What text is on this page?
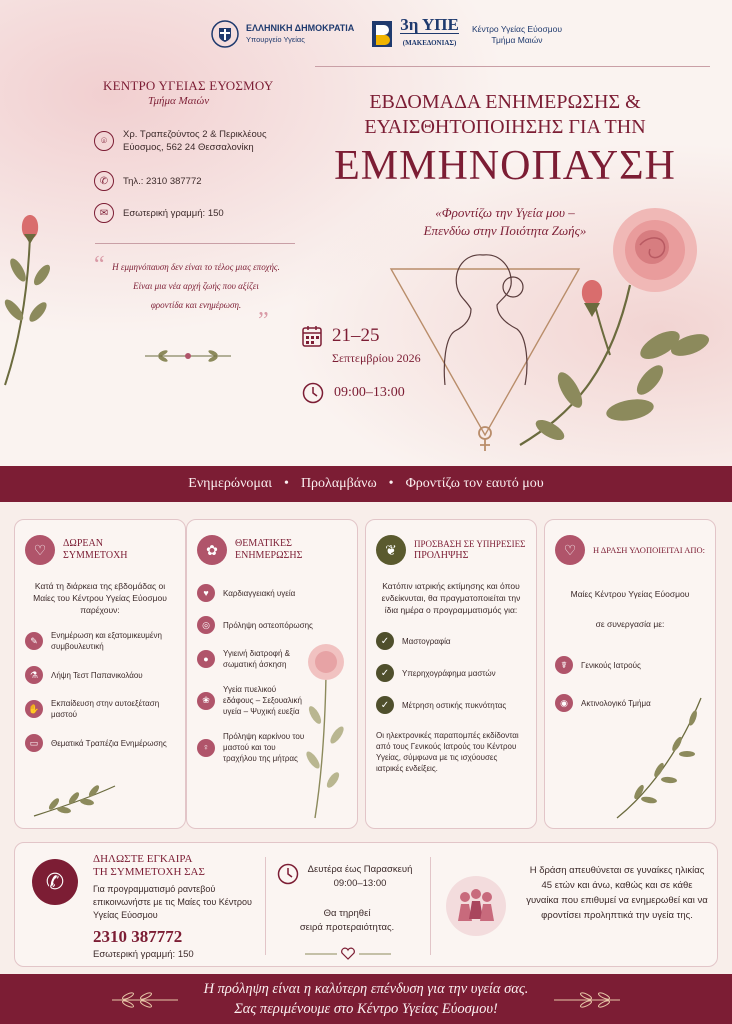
ΕΛΛΗΝΙΚΗ ΔΗΜΟΚΡΑΤΙΑ
Υπουργείο Υγείας
3η ΥΠΕ
(ΜΑΚΕΔΟΝΙΑΣ)
Κέντρο Υγείας Εύοσμου
Τμήμα Μαιών
ΚΕΝΤΡΟ ΥΓΕΙΑΣ ΕΥΟΣΜΟΥ
Τμήμα Μαιών
⌾
Χρ. Τραπεζούντος 2 & Περικλέους
Εύοσμος, 562 24 Θεσσαλονίκη
✆	Τηλ.: 2310 387772
✉	Εσωτερική γραμμή: 150
“ Η εμμηνόπαυση δεν είναι το τέλος μιας εποχής.
Είναι μια νέα αρχή ζωής που αξίζει
φροντίδα και ενημέρωση.
”
ΕΒΔΟΜΑΔΑ ΕΝΗΜΕΡΩΣΗΣ &
ΕΥΑΙΣΘΗΤΟΠΟΙΗΣΗΣ ΓΙΑ ΤΗΝ
ΕΜΜΗΝΟΠΑΥΣΗ
«Φροντίζω την Υγεία μου –
Επενδύω στην Ποιότητα Ζωής»
21–25
Σεπτεμβρίου 2026
09:00–13:00
Ενημερώνομαι • Προλαμβάνω • Φροντίζω τον εαυτό μου
♡	ΔΩΡΕΑΝ
ΣΥΜΜΕΤΟΧΗ
Κατά τη διάρκεια της εβδομάδας οι Μαίες του Κέντρου Υγείας Εύοσμου παρέχουν:
✎	Ενημέρωση και εξατομικευμένη συμβουλευτική
⚗	Λήψη Τεστ Παπανικολάου
✋	Εκπαίδευση στην αυτοεξέταση μαστού
▭	Θεματικά Τραπέζια Ενημέρωσης
✿	ΘΕΜΑΤΙΚΕΣ
ΕΝΗΜΕΡΩΣΗΣ
♥	Καρδιαγγειακή υγεία
◎	Πρόληψη οστεοπόρωσης
●	Υγιεινή διατροφή & σωματική άσκηση
❀
Υγεία πυελικού εδάφους – Σεξουαλική υγεία – Ψυχική ευεξία
♀
Πρόληψη καρκίνου του μαστού και του τραχήλου της μήτρας
❦	ΠΡΟΣΒΑΣΗ ΣΕ ΥΠΗΡΕΣΙΕΣ
ΠΡΟΛΗΨΗΣ
Κατόπιν ιατρικής εκτίμησης και όπου ενδείκνυται, θα πραγματοποιείται την ίδια ημέρα ο προγραμματισμός για:
✓	Μαστογραφία
✓	Υπερηχογράφημα μαστών
✓	Μέτρηση οστικής πυκνότητας
Οι ηλεκτρονικές παραπομπές εκδίδονται από τους Γενικούς Ιατρούς του Κέντρου Υγείας, σύμφωνα με τις ισχύουσες ιατρικές ενδείξεις.
♡	Η ΔΡΑΣΗ ΥΛΟΠΟΙΕΙΤΑΙ ΑΠΟ:
Μαίες Κέντρου Υγείας Εύοσμου
σε συνεργασία με:
☤	Γενικούς Ιατρούς
◉	Ακτινολογικό Τμήμα
✆
ΔΗΛΩΣΤΕ ΕΓΚΑΙΡΑ
ΤΗ ΣΥΜΜΕΤΟΧΗ ΣΑΣ
Για προγραμματισμό ραντεβού επικοινωνήστε με τις Μαίες του Κέντρου Υγείας Εύοσμου
2310 387772
Εσωτερική γραμμή: 150
Δευτέρα έως Παρασκευή
09:00–13:00
Θα τηρηθεί
σειρά προτεραιότητας.
Η δράση απευθύνεται σε γυναίκες ηλικίας 45 ετών και άνω, καθώς και σε κάθε γυναίκα που επιθυμεί να ενημερωθεί και να φροντίσει προληπτικά την υγεία της.
Η πρόληψη είναι η καλύτερη επένδυση για την υγεία σας.
Σας περιμένουμε στο Κέντρο Υγείας Εύοσμου!
